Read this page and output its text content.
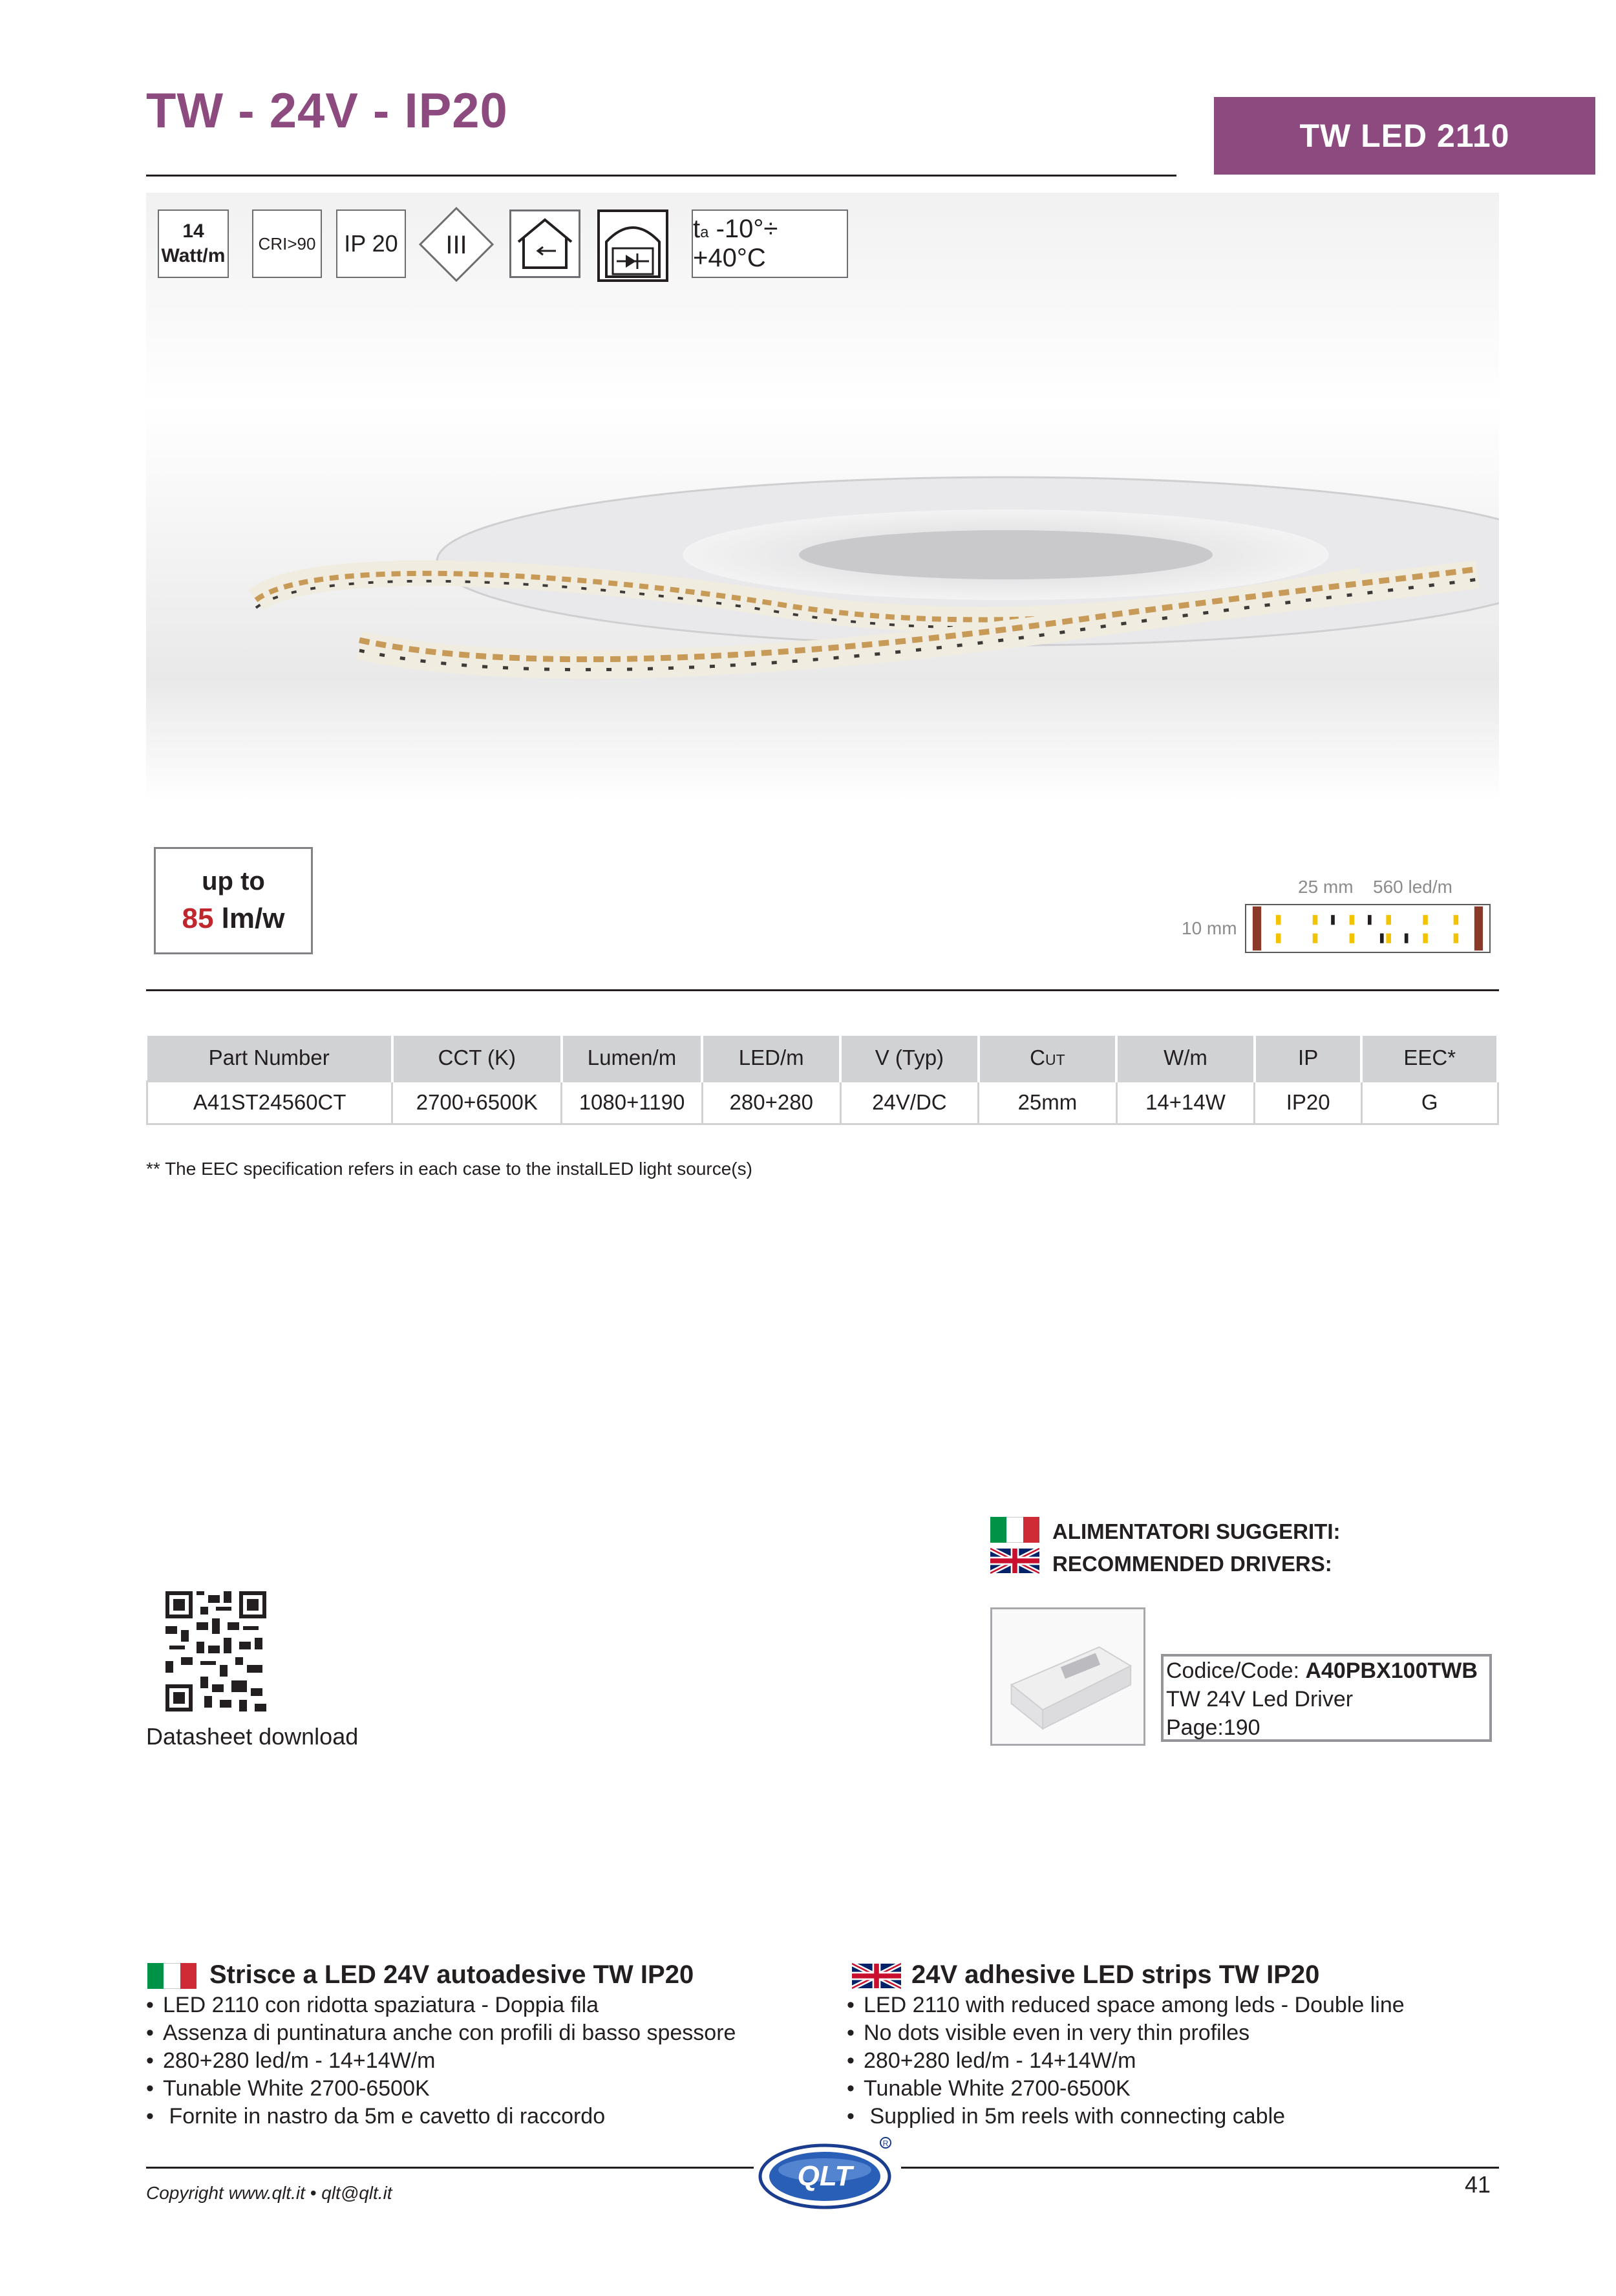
TW - 24V - IP20	TW LED 2110
14
Watt/m
CRI>90 IP 20 III
ta -10°÷ +40°C
up to
85 lm/w
25 mm 560 led/m
10 mm
Part Number	CCT (K)	Lumen/m	LED/m	V (Typ)	Cut	W/m	IP	EEC*
A41ST24560CT	2700+6500K	1080+1190	280+280	24V/DC	25mm	14+14W	IP20	G
** The EEC specification refers in each case to the instalLED light source(s)
Datasheet download
ALIMENTATORI SUGGERITI:
RECOMMENDED DRIVERS:
Codice/Code: A40PBX100TWB
TW 24V Led Driver
Page:190
Strisce a LED 24V autoadesive TW IP20
• LED 2110 con ridotta spaziatura - Doppia fila
• Assenza di puntinatura anche con profili di basso spessore
• 280+280 led/m - 14+14W/m
• Tunable White 2700-6500K
• Fornite in nastro da 5m e cavetto di raccordo
24V adhesive LED strips TW IP20
• LED 2110 with reduced space among leds - Double line
• No dots visible even in very thin profiles
• 280+280 led/m - 14+14W/m
• Tunable White 2700-6500K
• Supplied in 5m reels with connecting cable
QLT
R
Copyright www.qlt.it • qlt@qlt.it	41
